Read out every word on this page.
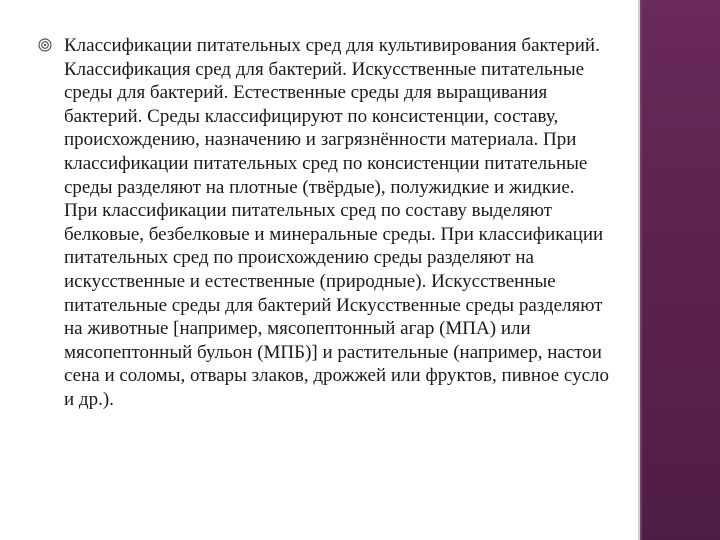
Классификации питательных сред для культивирования бактерий. Классификация сред для бактерий. Искусственные питательные среды для бактерий. Естественные среды для выращивания бактерий. Среды классифицируют по консистенции, составу, происхождению, назначению и загрязнённости материала. При классификации питательных сред по консистенции питательные среды разделяют на плотные (твёрдые), полужидкие и жидкие. При классификации питательных сред по составу выделяют белковые, безбелковые и минеральные среды. При классификации питательных сред по происхождению среды разделяют на искусственные и естественные (природные). Искусственные питательные среды для бактерий Искусственные среды разделяют на животные [например, мясопептонный агар (МПА) или мясопептонный бульон (МПБ)] и растительные (например, настои сена и соломы, отвары злаков, дрожжей или фруктов, пивное сусло и др.).
